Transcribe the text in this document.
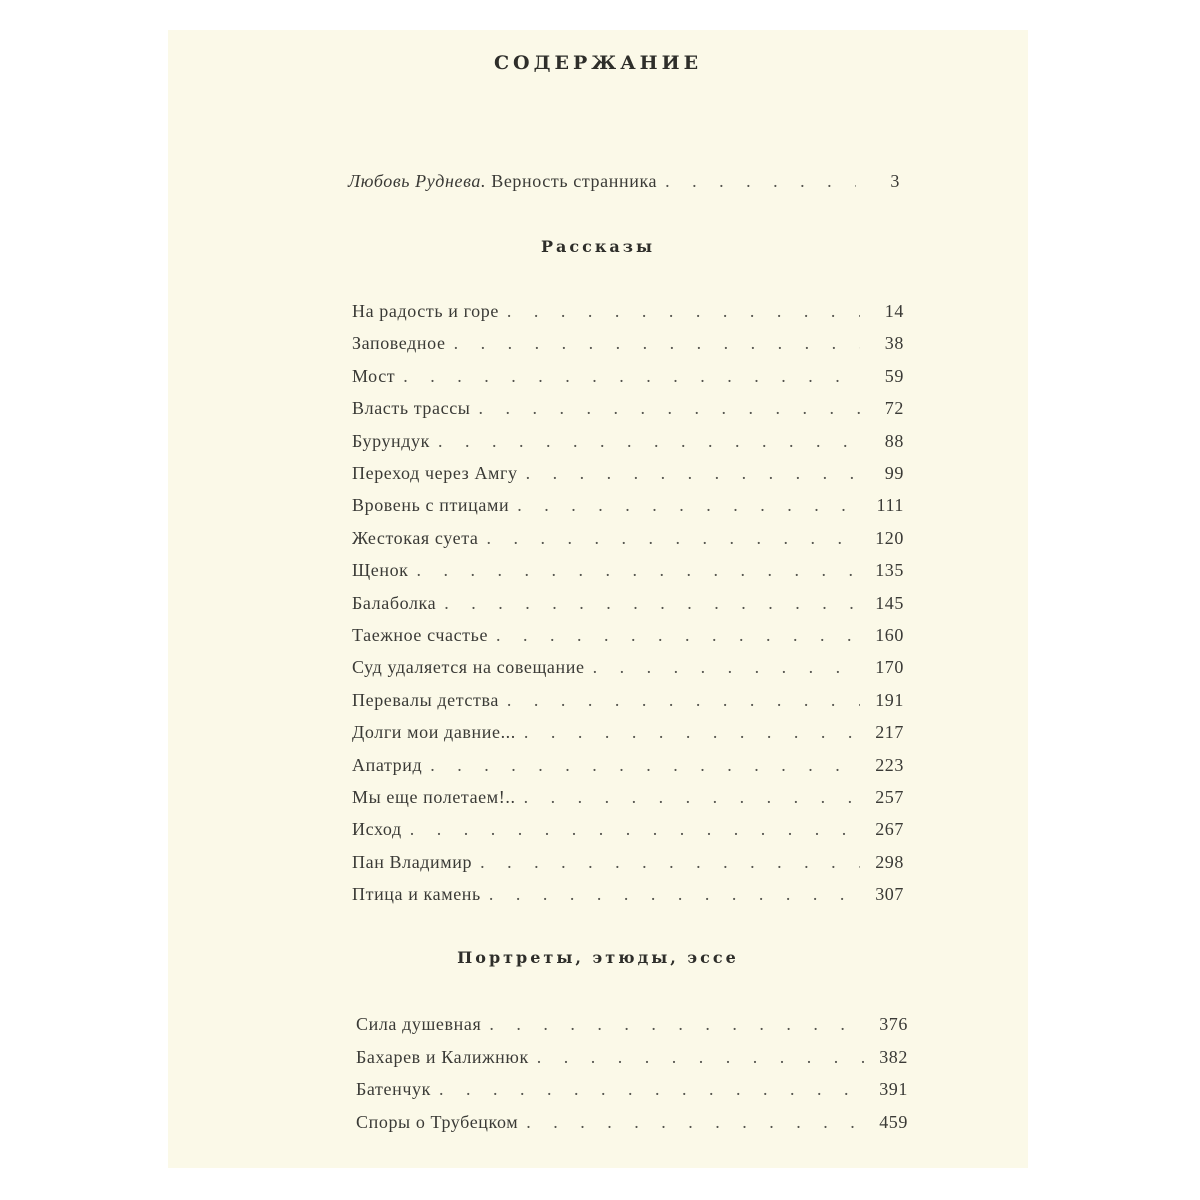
СОДЕРЖАНИЕ
Любовь Руднева. Верность странника . . .	3
Рассказы
На радость и горе . . .	14
Заповедное . . .	38
Мост . . .	59
Власть трассы . . .	72
Бурундук . . .	88
Переход через Амгу . . .	99
Вровень с птицами . . .	111
Жестокая суета . . .	120
Щенок . . .	135
Балаболка . . .	145
Таежное счастье . . .	160
Суд удаляется на совещание . . .	170
Перевалы детства . . .	191
Долги мои давние... . . .	217
Апатрид . . .	223
Мы еще полетаем!.. . . .	257
Исход . . .	267
Пан Владимир . . .	298
Птица и камень . . .	307
Портреты, этюды, эссе
Сила душевная . . .	376
Бахарев и Калижнюк . . .	382
Батенчук . . .	391
Споры о Трубецком . . .	459
